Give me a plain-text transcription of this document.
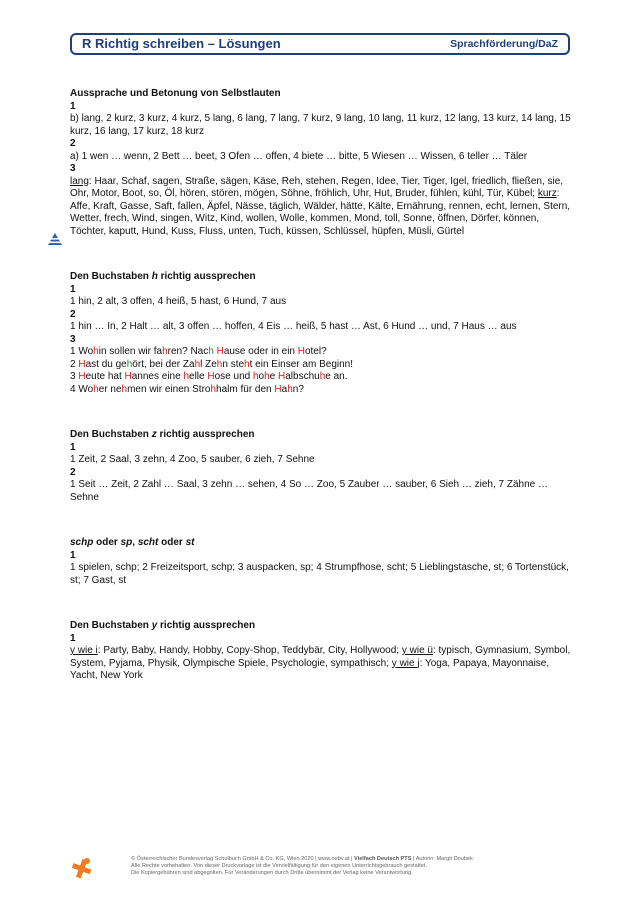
R Richtig schreiben – Lösungen	Sprachförderung/DaZ
Aussprache und Betonung von Selbstlauten
1
b) lang, 2 kurz, 3 kurz, 4 kurz, 5 lang, 6 lang, 7 lang, 7 kurz, 9 lang, 10 lang, 11 kurz, 12 lang, 13 kurz, 14 lang, 15 kurz, 16 lang, 17 kurz, 18 kurz
2
a) 1 wen … wenn, 2 Bett … beet, 3 Ofen … offen, 4 biete … bitte, 5 Wiesen … Wissen, 6 teller … Täler
3
lang: Haar, Schaf, sagen, Straße, sägen, Käse, Reh, stehen, Regen, Idee, Tier, Tiger, Igel, friedlich, fließen, sie, Ohr, Motor, Boot, so, Öl, hören, stören, mögen, Söhne, fröhlich, Uhr, Hut, Bruder, fühlen, kühl, Tür, Kübel; kurz: Affe, Kraft, Gasse, Saft, fallen, Äpfel, Nässe, täglich, Wälder, hätte, Kälte, Ernährung, rennen, echt, lernen, Stern, Wetter, frech, Wind, singen, Witz, Kind, wollen, Wolle, kommen, Mond, toll, Sonne, öffnen, Dörfer, können, Töchter, kaputt, Hund, Kuss, Fluss, unten, Tuch, küssen, Schlüssel, hüpfen, Müsli, Gürtel
Den Buchstaben h richtig aussprechen
1
1 hin, 2 alt, 3 offen, 4 heiß, 5 hast, 6 Hund, 7 aus
2
1 hin … In, 2 Halt … alt, 3 offen … hoffen, 4 Eis … heiß, 5 hast … Ast, 6 Hund … und, 7 Haus … aus
3
1 Wohin sollen wir fahren? Nach Hause oder in ein Hotel?
2 Hast du gehört, bei der Zahl Zehn steht ein Einser am Beginn!
3 Heute hat Hannes eine helle Hose und hohe Halbschuhe an.
4 Woher nehmen wir einen Strohhalm für den Hahn?
Den Buchstaben z richtig aussprechen
1
1 Zeit, 2 Saal, 3 zehn, 4 Zoo, 5 sauber, 6 zieh, 7 Sehne
2
1 Seit … Zeit, 2 Zahl … Saal, 3 zehn … sehen, 4 So … Zoo, 5 Zauber … sauber, 6 Sieh … zieh, 7 Zähne … Sehne
schp oder sp, scht oder st
1
1 spielen, schp; 2 Freizeitsport, schp; 3 auspacken, sp; 4 Strumpfhose, scht; 5 Lieblingstasche, st; 6 Tortenstück, st; 7 Gast, st
Den Buchstaben y richtig aussprechen
1
y wie i: Party, Baby, Handy, Hobby, Copy-Shop, Teddybär, City, Hollywood; y wie ü: typisch, Gymnasium, Symbol, System, Pyjama, Physik, Olympische Spiele, Psychologie, sympathisch; y wie j: Yoga, Papaya, Mayonnaise, Yacht, New York
© Österreichischer Bundesverlag Schulbuch GmbH & Co. KG, Wien 2020 | www.oebv.at | Vielfach Deutsch PTS | Autorin: Margit Doubek
Alle Rechte vorbehalten. Von dieser Druckvorlage ist die Vervielfältigung für den eigenen Unterrichtsgebrauch gestattet.
Die Kopiergebühren sind abgegolten. Für Veränderungen durch Dritte übernimmt der Verlag keine Verantwortung.
